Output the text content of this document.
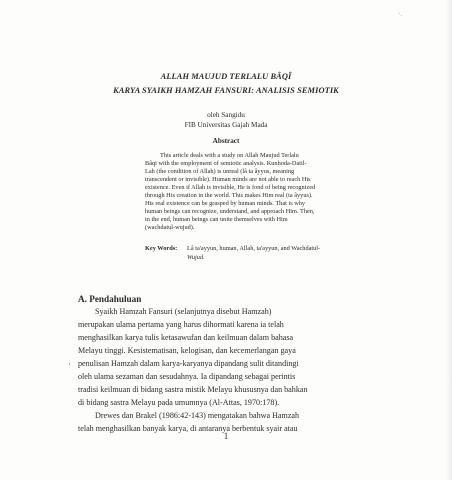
·.
ALLAH MAUJUD TERLALU BÂQÎ
KARYA SYAIKH HAMZAH FANSURI: ANALISIS SEMIOTIK
oleh Sangidu
FIB Universitas Gajah Mada
Abstract
This article deals with a study on Allah Maujud Terlalu
Bâqi with the employment of semiotic analysis. Kunhoda-Datil-
Lah (the condition of Allah) is unreal (lâ ta âyyus, meaning
transcendent or invisible). Human minds are not able to reach His
existence. Even if Allah is invisible, He is fond of being recognized
through His creation in the world. This makes Him real (ta âyyus).
His real existence can be grasped by human minds. That is why
human beings can recognize, understand, and approach Him. Then,
in the end, human beings can unite themselves with Him
(wachdatul-wujud).
Key Words: Lâ ta'ayyun, human, Allah, ta'ayyun, and Wachdatul-
Wujud.
A. Pendahuluan
Syaikh Hamzah Fansuri (selanjutnya disebut Hamzah)
merupakan ulama pertama yang harus dihormati karena ia telah
menghasilkan karya tulis ketasawufan dan keilmuan dalam bahasa
Melayu tinggi. Kesistematisan, kelogisan, dan kecemerlangan gaya
penulisan Hamzah dalam karya-karyanya dipandang sulit ditandingi
oleh ulama sezaman dan sesudahnya. Ia dipandang sebagai perintis
tradisi keilmuan di bidang sastra mistik Melayu khususnya dan bahkan
di bidang sastra Melayu pada umumnya (Al-Attas, 1970:178).
Drewes dan Brakel (1986:42-143) mengatakan bahwa Hamzah
telah menghasilkan banyak karya, di antaranya berbentuk syair atau
·
1
